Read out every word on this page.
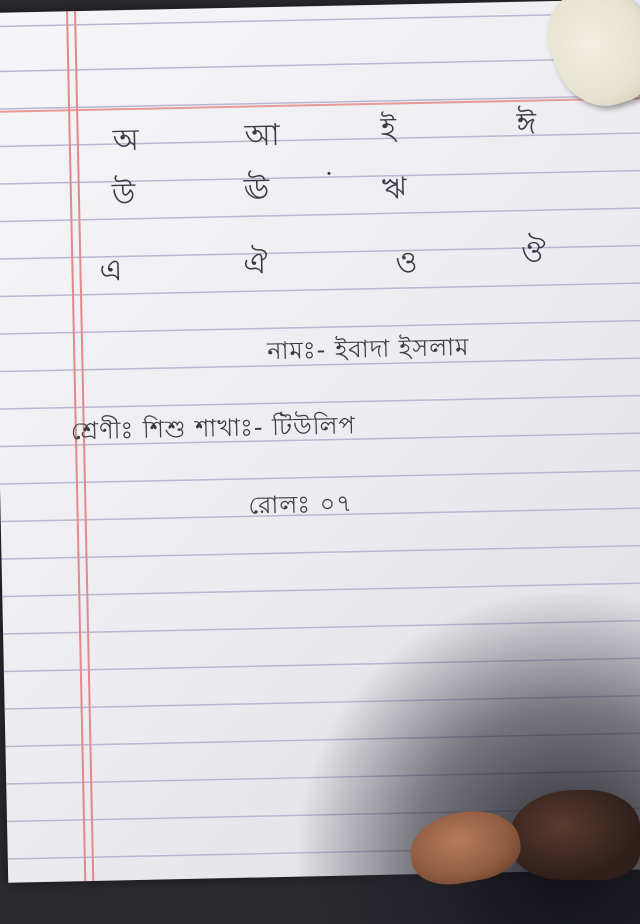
অ	আ	ই	ঈ
উ	ঊ	ঋ
এ	ঐ	ও	ঔ
নামঃ- ইবাদা ইসলাম
শ্রেণীঃ শিশু শাখাঃ- টিউলিপ
রোলঃ ০৭
